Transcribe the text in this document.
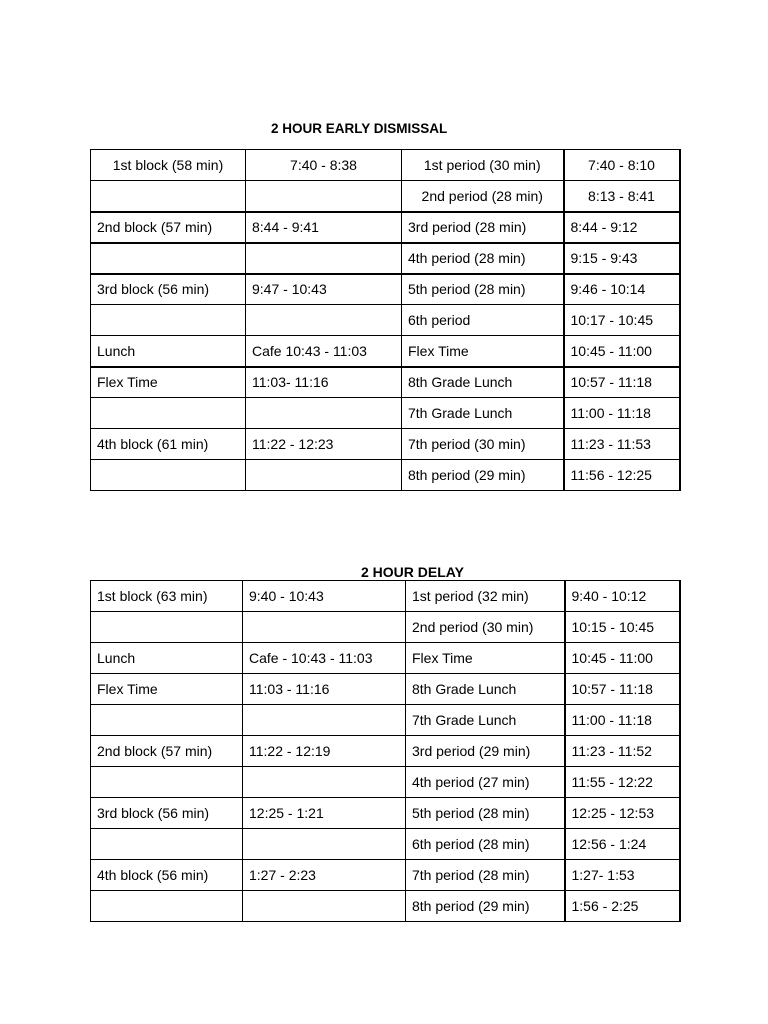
2 HOUR EARLY DISMISSAL
1st block (58 min)	7:40 - 8:38	1st period (30 min)	7:40 - 8:10
		2nd period (28 min)	8:13 - 8:41
2nd block (57 min)	8:44 - 9:41	3rd period (28 min)	8:44 - 9:12
		4th period (28 min)	9:15 - 9:43
3rd block (56 min)	9:47 - 10:43	5th period (28 min)	9:46 - 10:14
		6th period	10:17 - 10:45
Lunch	Cafe 10:43 - 11:03	Flex Time	10:45 - 11:00
Flex Time	11:03- 11:16	8th Grade Lunch	10:57 - 11:18
		7th Grade Lunch	11:00 - 11:18
4th block (61 min)	11:22 - 12:23	7th period (30 min)	11:23 - 11:53
		8th period (29 min)	11:56 - 12:25
2 HOUR DELAY
1st block (63 min)	9:40 - 10:43	1st period (32 min)	9:40 - 10:12
		2nd period (30 min)	10:15 - 10:45
Lunch	Cafe - 10:43 - 11:03	Flex Time	10:45 - 11:00
Flex Time	11:03 - 11:16	8th Grade Lunch	10:57 - 11:18
		7th Grade Lunch	11:00 - 11:18
2nd block (57 min)	11:22 - 12:19	3rd period (29 min)	11:23 - 11:52
		4th period (27 min)	11:55 - 12:22
3rd block (56 min)	12:25 - 1:21	5th period (28 min)	12:25 - 12:53
		6th period (28 min)	12:56 - 1:24
4th block (56 min)	1:27 - 2:23	7th period (28 min)	1:27- 1:53
		8th period (29 min)	1:56 - 2:25
